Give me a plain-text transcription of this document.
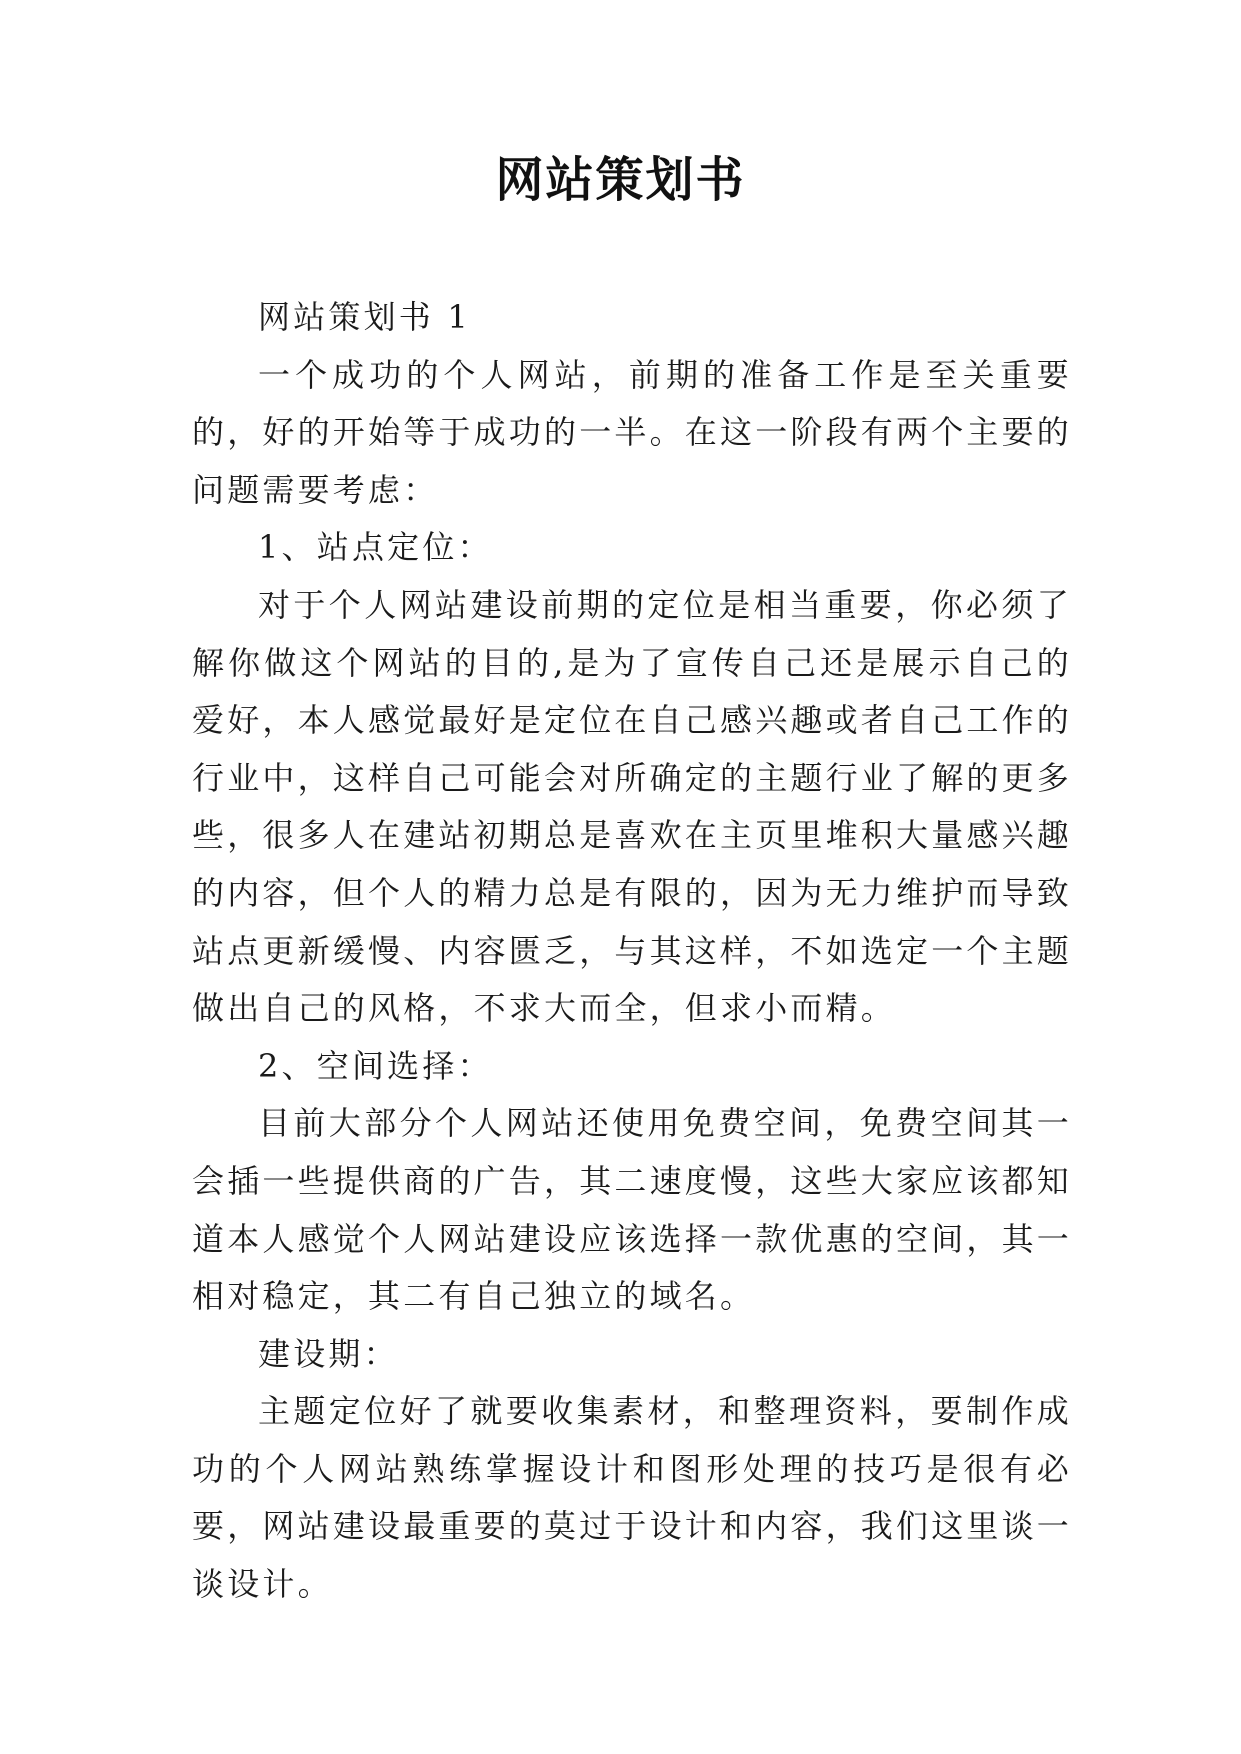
网站策划书

网站策划书 1

一个成功的个人网站，前期的准备工作是至关重要的，好的开始等于成功的一半。在这一阶段有两个主要的问题需要考虑：

1、站点定位：

对于个人网站建设前期的定位是相当重要，你必须了解你做这个网站的目的,是为了宣传自己还是展示自己的爱好，本人感觉最好是定位在自己感兴趣或者自己工作的行业中，这样自己可能会对所确定的主题行业了解的更多些，很多人在建站初期总是喜欢在主页里堆积大量感兴趣的内容，但个人的精力总是有限的，因为无力维护而导致站点更新缓慢、内容匮乏，与其这样，不如选定一个主题做出自己的风格，不求大而全，但求小而精。

2、空间选择：

目前大部分个人网站还使用免费空间，免费空间其一会插一些提供商的广告，其二速度慢，这些大家应该都知道本人感觉个人网站建设应该选择一款优惠的空间，其一相对稳定，其二有自己独立的域名。

建设期：

主题定位好了就要收集素材，和整理资料，要制作成功的个人网站熟练掌握设计和图形处理的技巧是很有必要，网站建设最重要的莫过于设计和内容，我们这里谈一谈设计。
